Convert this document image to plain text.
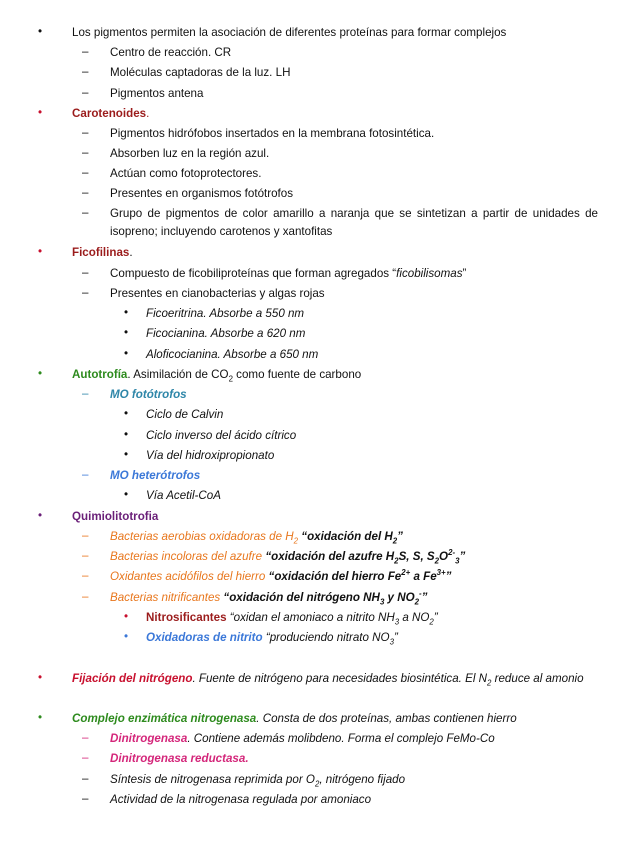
•	Los pigmentos permiten la asociación de diferentes proteínas para formar complejos
– Centro de reacción. CR
– Moléculas captadoras de la luz. LH
– Pigmentos antena
•	Carotenoides.
– Pigmentos hidrófobos insertados en la membrana fotosintética.
– Absorben luz en la región azul.
– Actúan como fotoprotectores.
– Presentes en organismos fotótrofos
– Grupo de pigmentos de color amarillo a naranja que se sintetizan a partir de unidades de isopreno; incluyendo carotenos y xantofitas
•	Ficofilinas.
– Compuesto de ficobiliproteínas que forman agregados “ficobilisomas”
– Presentes en cianobacterias y algas rojas
• Ficoeritrina. Absorbe a 550 nm
• Ficocianina. Absorbe a 620 nm
• Aloficocianina. Absorbe a 650 nm
•	Autotrofía. Asimilación de $CO_2$ como fuente de carbono
– MO fotótrofos
• Ciclo de Calvin
• Ciclo inverso del ácido cítrico
• Vía del hidroxipropionato
– MO heterótrofos
• Vía Acetil-CoA
•	Quimiolitotrofia
– Bacterias aerobias oxidadoras de $H_2$ “oxidación del $H_2$”
– Bacterias incoloras del azufre “oxidación del azufre $H_2S$, S, $S_2O^{2-}_3$”
– Oxidantes acidófilos del hierro “oxidación del hierro $Fe^{2+}$ a $Fe^{3+}$”
– Bacterias nitrificantes “oxidación del nitrógeno $NH_3$ y $NO_2^-$”
• Nitrosificantes “oxidan el amoniaco a nitrito $NH_3$ a $NO_2$”
• Oxidadoras de nitrito “produciendo nitrato $NO_3$”
•	Fijación del nitrógeno. Fuente de nitrógeno para necesidades biosintética. El $N_2$ reduce al amonio
•	Complejo enzimática nitrogenasa. Consta de dos proteínas, ambas contienen hierro
– Dinitrogenasa. Contiene además molibdeno. Forma el complejo FeMo-Co
– Dinitrogenasa reductasa.
– Síntesis de nitrogenasa reprimida por $O_2$, nitrógeno fijado
– Actividad de la nitrogenasa regulada por amoniaco
